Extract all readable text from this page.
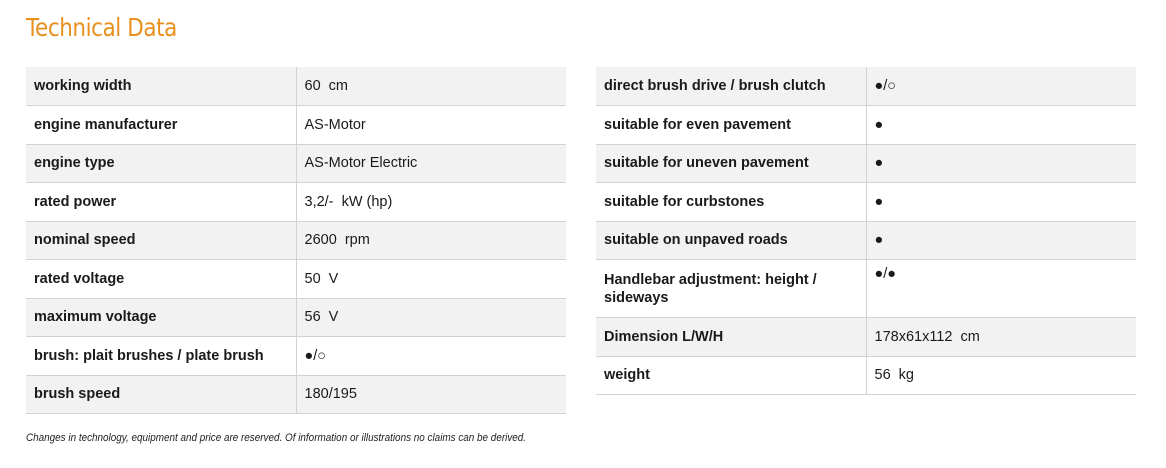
Technical Data
working width	60  cm
engine manufacturer	AS-Motor
engine type	AS-Motor Electric
rated power	3,2/-  kW (hp)
nominal speed	2600  rpm
rated voltage	50  V
maximum voltage	56  V
brush: plait brushes / plate brush	●/○
brush speed	180/195
direct brush drive / brush clutch	●/○
suitable for even pavement	●
suitable for uneven pavement	●
suitable for curbstones	●
suitable on unpaved roads	●
Handlebar adjustment: height / sideways	●/●
Dimension L/W/H	178x61x112  cm
weight	56  kg
Changes in technology, equipment and price are reserved. Of information or illustrations no claims can be derived.
